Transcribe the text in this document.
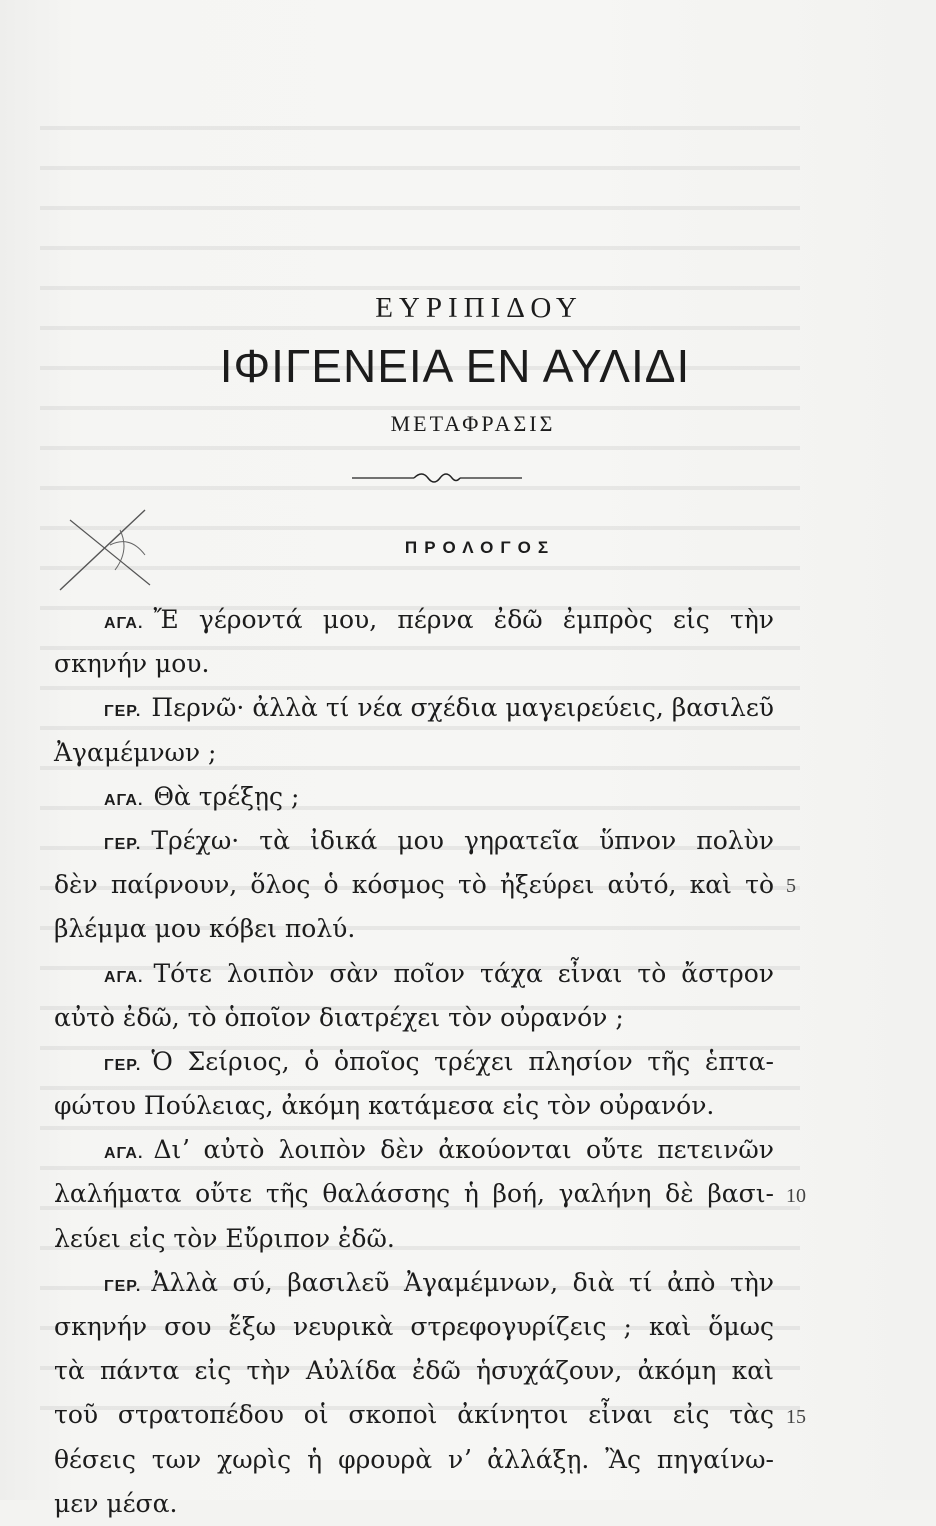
ΕΥΡΙΠΙΔΟΥ
ΙΦΙΓΕΝΕΙΑ ΕΝ ΑΥΛΙΔΙ
ΜΕΤΑΦΡΑΣΙΣ
ΠΡΟΛΟΓΟΣ
ΑΓΑ. Ἔ γέροντά μου, πέρνα ἐδῶ ἐμπρὸς εἰς τὴν
σκηνήν μου.
ΓΕΡ. Περνῶ· ἀλλὰ τί νέα σχέδια μαγειρεύεις, βασιλεῦ
Ἀγαμέμνων ;
ΑΓΑ. Θὰ τρέξῃς ;
ΓΕΡ. Τρέχω· τὰ ἰδικά μου γηρατεῖα ὕπνον πολὺν
δὲν παίρνουν, ὅλος ὁ κόσμος τὸ ἠξεύρει αὐτό, καὶ τὸ
βλέμμα μου κόβει πολύ.
ΑΓΑ. Τότε λοιπὸν σὰν ποῖον τάχα εἶναι τὸ ἄστρον
αὐτὸ ἐδῶ, τὸ ὁποῖον διατρέχει τὸν οὐρανόν ;
ΓΕΡ. Ὁ Σείριος, ὁ ὁποῖος τρέχει πλησίον τῆς ἑπτα-
φώτου Πούλειας, ἀκόμη κατάμεσα εἰς τὸν οὐρανόν.
ΑΓΑ. Διʼ αὐτὸ λοιπὸν δὲν ἀκούονται οὔτε πετεινῶν
λαλήματα οὔτε τῆς θαλάσσης ἡ βοή, γαλήνη δὲ βασι-
λεύει εἰς τὸν Εὔριπον ἐδῶ.
ΓΕΡ. Ἀλλὰ σύ, βασιλεῦ Ἀγαμέμνων, διὰ τί ἀπὸ τὴν
σκηνήν σου ἔξω νευρικὰ στρεφογυρίζεις ; καὶ ὅμως
τὰ πάντα εἰς τὴν Αὐλίδα ἐδῶ ἡσυχάζουν, ἀκόμη καὶ
τοῦ στρατοπέδου οἱ σκοποὶ ἀκίνητοι εἶναι εἰς τὰς
θέσεις των χωρὶς ἡ φρουρὰ νʼ ἀλλάξῃ. Ἂς πηγαίνω-
μεν μέσα.
5
10
15
